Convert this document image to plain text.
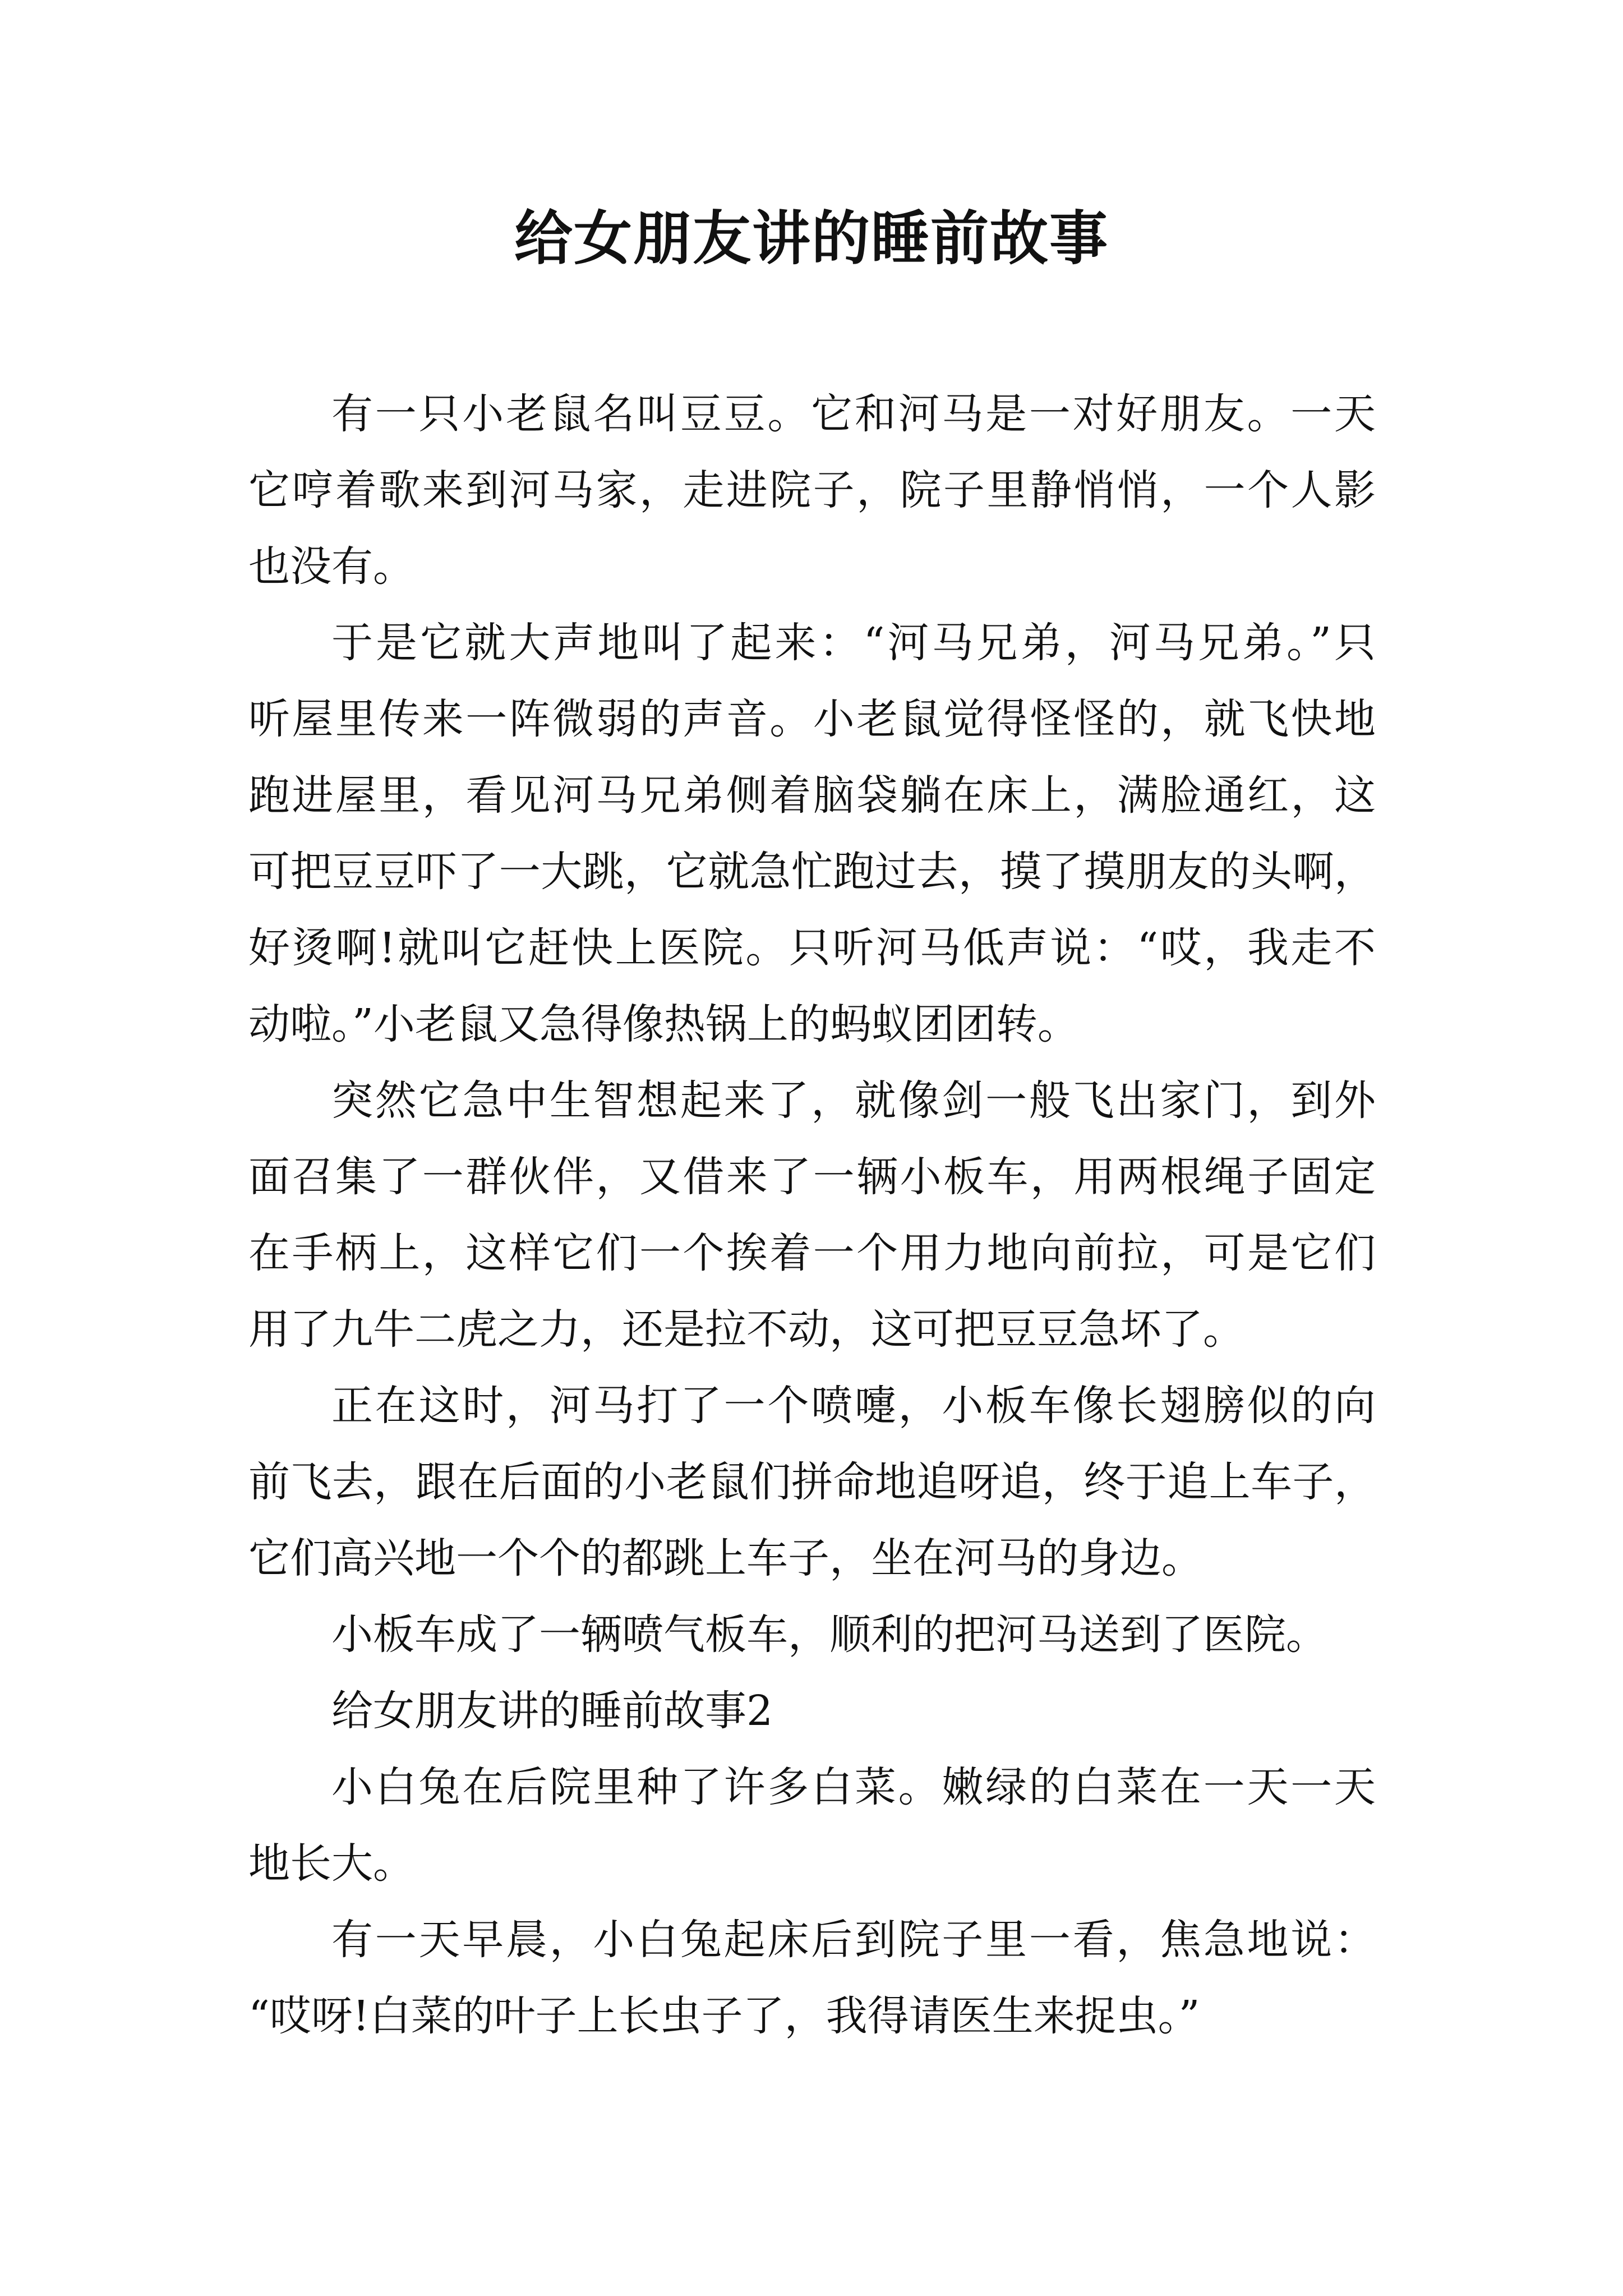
给女朋友讲的睡前故事

有一只小老鼠名叫豆豆。它和河马是一对好朋友。一天
它哼着歌来到河马家，走进院子，院子里静悄悄，一个人影
也没有。

于是它就大声地叫了起来：“河马兄弟，河马兄弟。”只
听屋里传来一阵微弱的声音。小老鼠觉得怪怪的，就飞快地
跑进屋里，看见河马兄弟侧着脑袋躺在床上，满脸通红，这
可把豆豆吓了一大跳，它就急忙跑过去，摸了摸朋友的头啊，
好烫啊!就叫它赶快上医院。只听河马低声说：“哎，我走不
动啦。”小老鼠又急得像热锅上的蚂蚁团团转。

突然它急中生智想起来了，就像剑一般飞出家门，到外
面召集了一群伙伴，又借来了一辆小板车，用两根绳子固定
在手柄上，这样它们一个挨着一个用力地向前拉，可是它们
用了九牛二虎之力，还是拉不动，这可把豆豆急坏了。

正在这时，河马打了一个喷嚏，小板车像长翅膀似的向
前飞去，跟在后面的小老鼠们拼命地追呀追，终于追上车子，
它们高兴地一个个的都跳上车子，坐在河马的身边。

小板车成了一辆喷气板车，顺利的把河马送到了医院。

给女朋友讲的睡前故事2

小白兔在后院里种了许多白菜。嫩绿的白菜在一天一天
地长大。

有一天早晨，小白兔起床后到院子里一看，焦急地说：
“哎呀!白菜的叶子上长虫子了，我得请医生来捉虫。”
